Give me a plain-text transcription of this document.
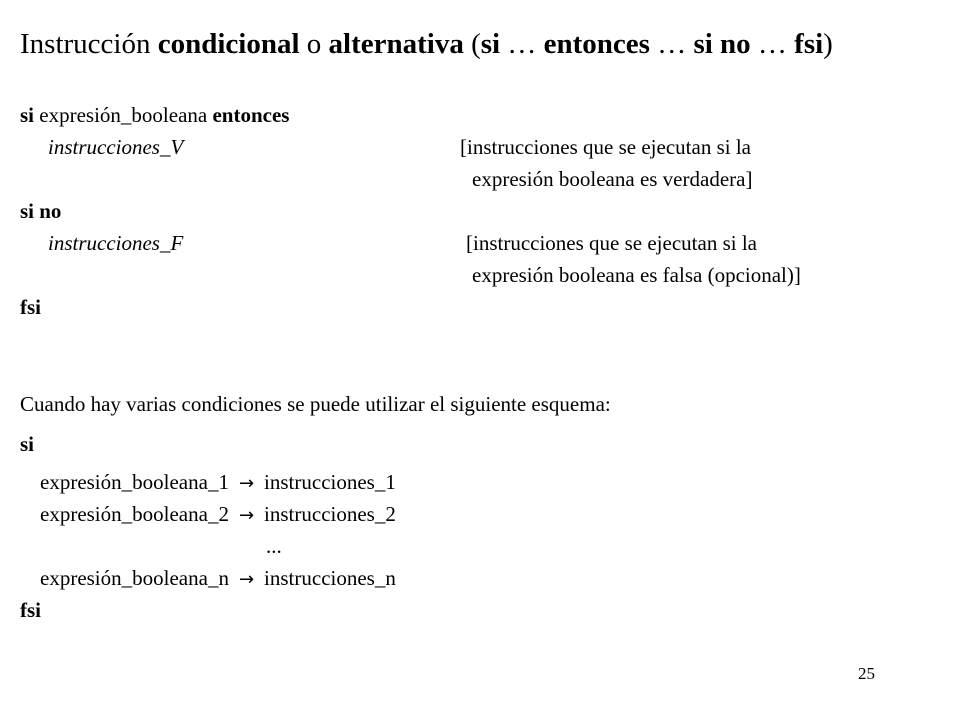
Instrucción condicional o alternativa (si … entonces … si no … fsi)
si expresión_booleana entonces
instrucciones_V	[instrucciones que se ejecutan si la
expresión booleana es verdadera]
si no
instrucciones_F	[instrucciones que se ejecutan si la
expresión booleana es falsa (opcional)]
fsi
Cuando hay varias condiciones se puede utilizar el siguiente esquema:
si
expresión_booleana_1 → instrucciones_1
expresión_booleana_2 → instrucciones_2
...
expresión_booleana_n → instrucciones_n
fsi
25
